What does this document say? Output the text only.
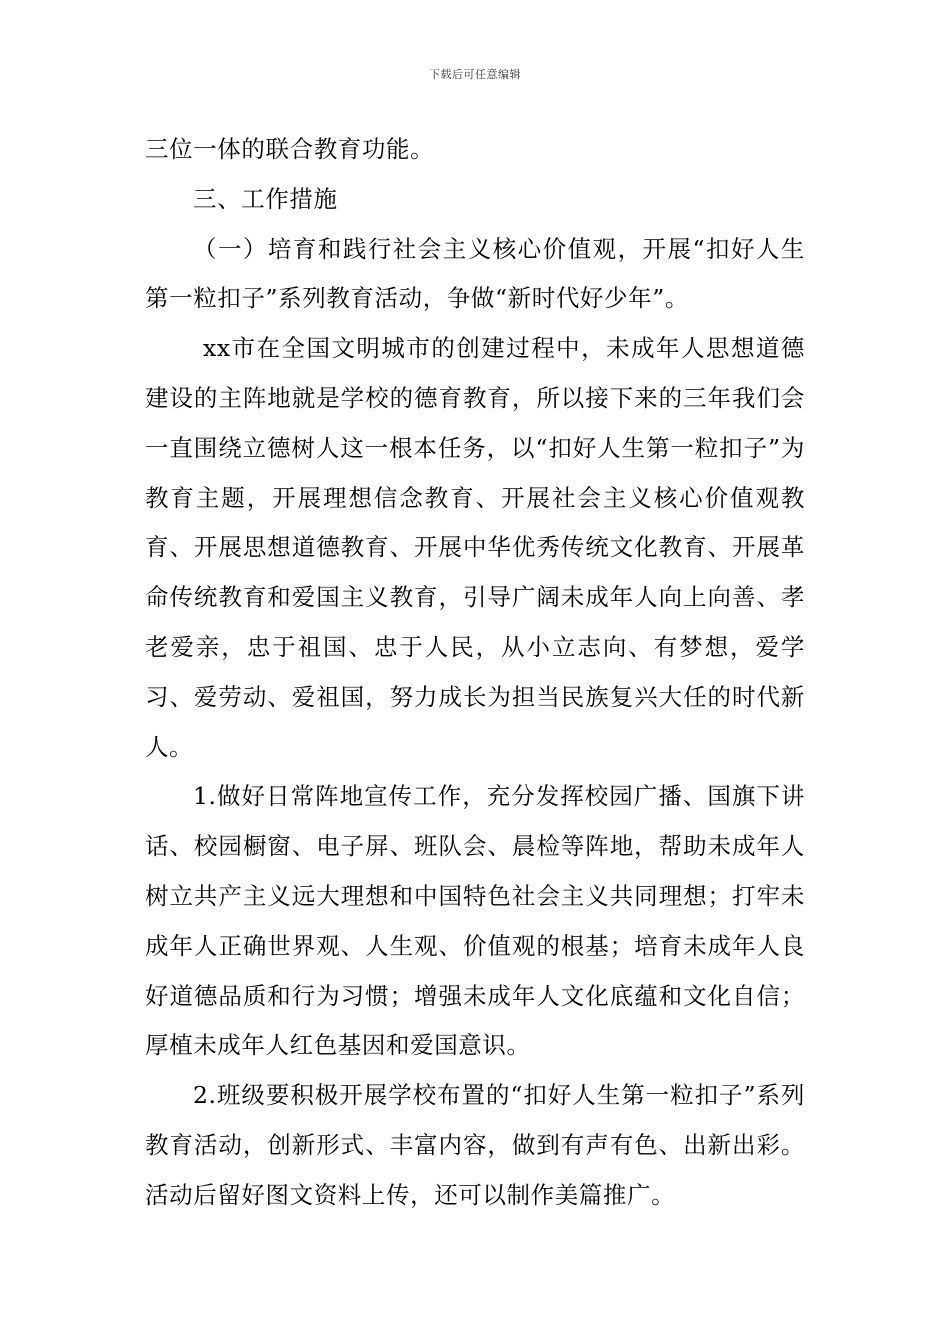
下载后可任意编辑

三位一体的联合教育功能。

三、工作措施

（一）培育和践行社会主义核心价值观，开展“扣好人生第一粒扣子”系列教育活动，争做“新时代好少年”。

xx市在全国文明城市的创建过程中，未成年人思想道德建设的主阵地就是学校的德育教育，所以接下来的三年我们会一直围绕立德树人这一根本任务，以“扣好人生第一粒扣子”为教育主题，开展理想信念教育、开展社会主义核心价值观教育、开展思想道德教育、开展中华优秀传统文化教育、开展革命传统教育和爱国主义教育，引导广阔未成年人向上向善、孝老爱亲，忠于祖国、忠于人民，从小立志向、有梦想，爱学习、爱劳动、爱祖国，努力成长为担当民族复兴大任的时代新人。

1.做好日常阵地宣传工作，充分发挥校园广播、国旗下讲话、校园橱窗、电子屏、班队会、晨检等阵地，帮助未成年人树立共产主义远大理想和中国特色社会主义共同理想；打牢未成年人正确世界观、人生观、价值观的根基；培育未成年人良好道德品质和行为习惯；增强未成年人文化底蕴和文化自信；厚植未成年人红色基因和爱国意识。

2.班级要积极开展学校布置的“扣好人生第一粒扣子”系列教育活动，创新形式、丰富内容，做到有声有色、出新出彩。活动后留好图文资料上传，还可以制作美篇推广。
